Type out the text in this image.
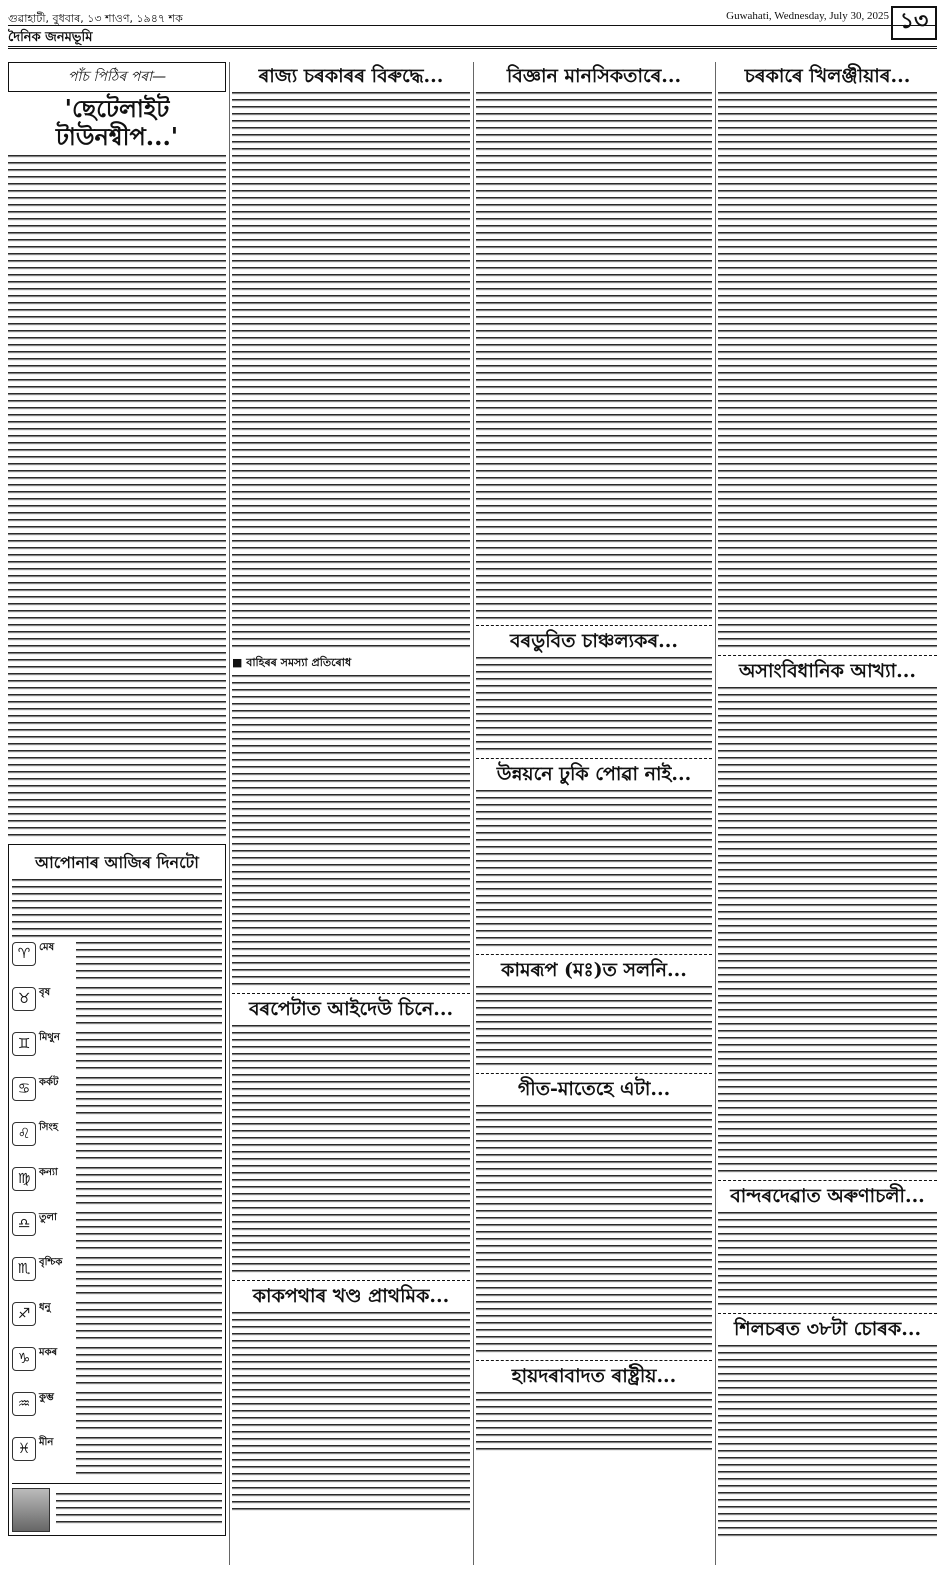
গুৱাহাটী, বুধবাৰ, ১৩ শাওণ, ১৯৪৭ শক	Guwahati, Wednesday, July 30, 2025 ১৩
দৈনিক জনমভূমি
পাঁচ পিঠিৰ পৰা—
'ছেটেলাইট টাউনশ্বীপ...'
আপোনাৰ আজিৰ দিনটো
♈ মেষ
♉ বৃষ
♊ মিথুন
♋ কৰ্কট
♌ সিংহ
♍ কন্যা
♎ তুলা
♏ বৃশ্চিক
♐ ধনু
♑ মকৰ
♒ কুম্ভ
♓ মীন
ৰাজ্য চৰকাৰৰ বিৰুদ্ধে...
■ বাহিৰৰ সমস্যা প্ৰতিৰোধ
বৰপেটাত আইদেউ চিনে...
কাকপথাৰ খণ্ড প্ৰাথমিক...
বিজ্ঞান মানসিকতাৰে...
বৰডুবিত চাঞ্চল্যকৰ...
উন্নয়নে ঢুকি পোৱা নাই...
কামৰূপ (মঃ)ত সলনি...
গীত-মাতেহে এটা...
হায়দৰাবাদত ৰাষ্ট্ৰীয়...
চৰকাৰে খিলঞ্জীয়াৰ...
অসাংবিধানিক আখ্যা...
বান্দৰদেৱাত অৰুণাচলী...
শিলচৰত ৩৮টা চোৰক...
